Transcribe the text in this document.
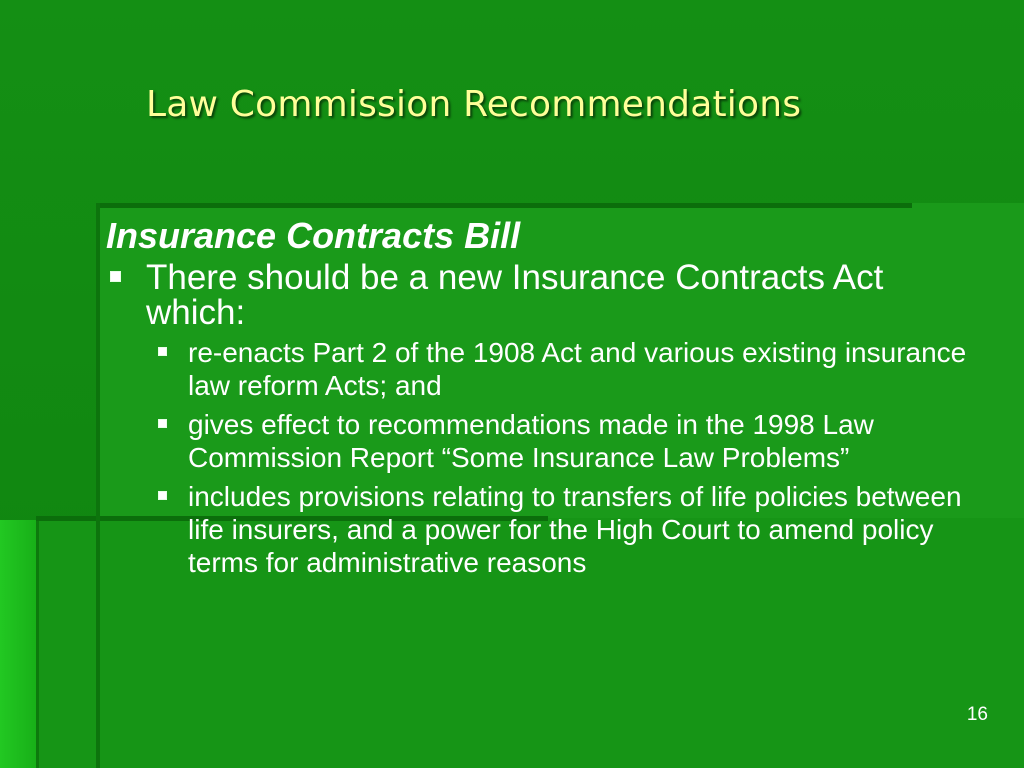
Law Commission Recommendations

Insurance Contracts Bill

There should be a new Insurance Contracts Act which:
re-enacts Part 2 of the 1908 Act and various existing insurance law reform Acts; and
gives effect to recommendations made in the 1998 Law Commission Report “Some Insurance Law Problems”
includes provisions relating to transfers of life policies between life insurers, and a power for the High Court to amend policy terms for administrative reasons
16
